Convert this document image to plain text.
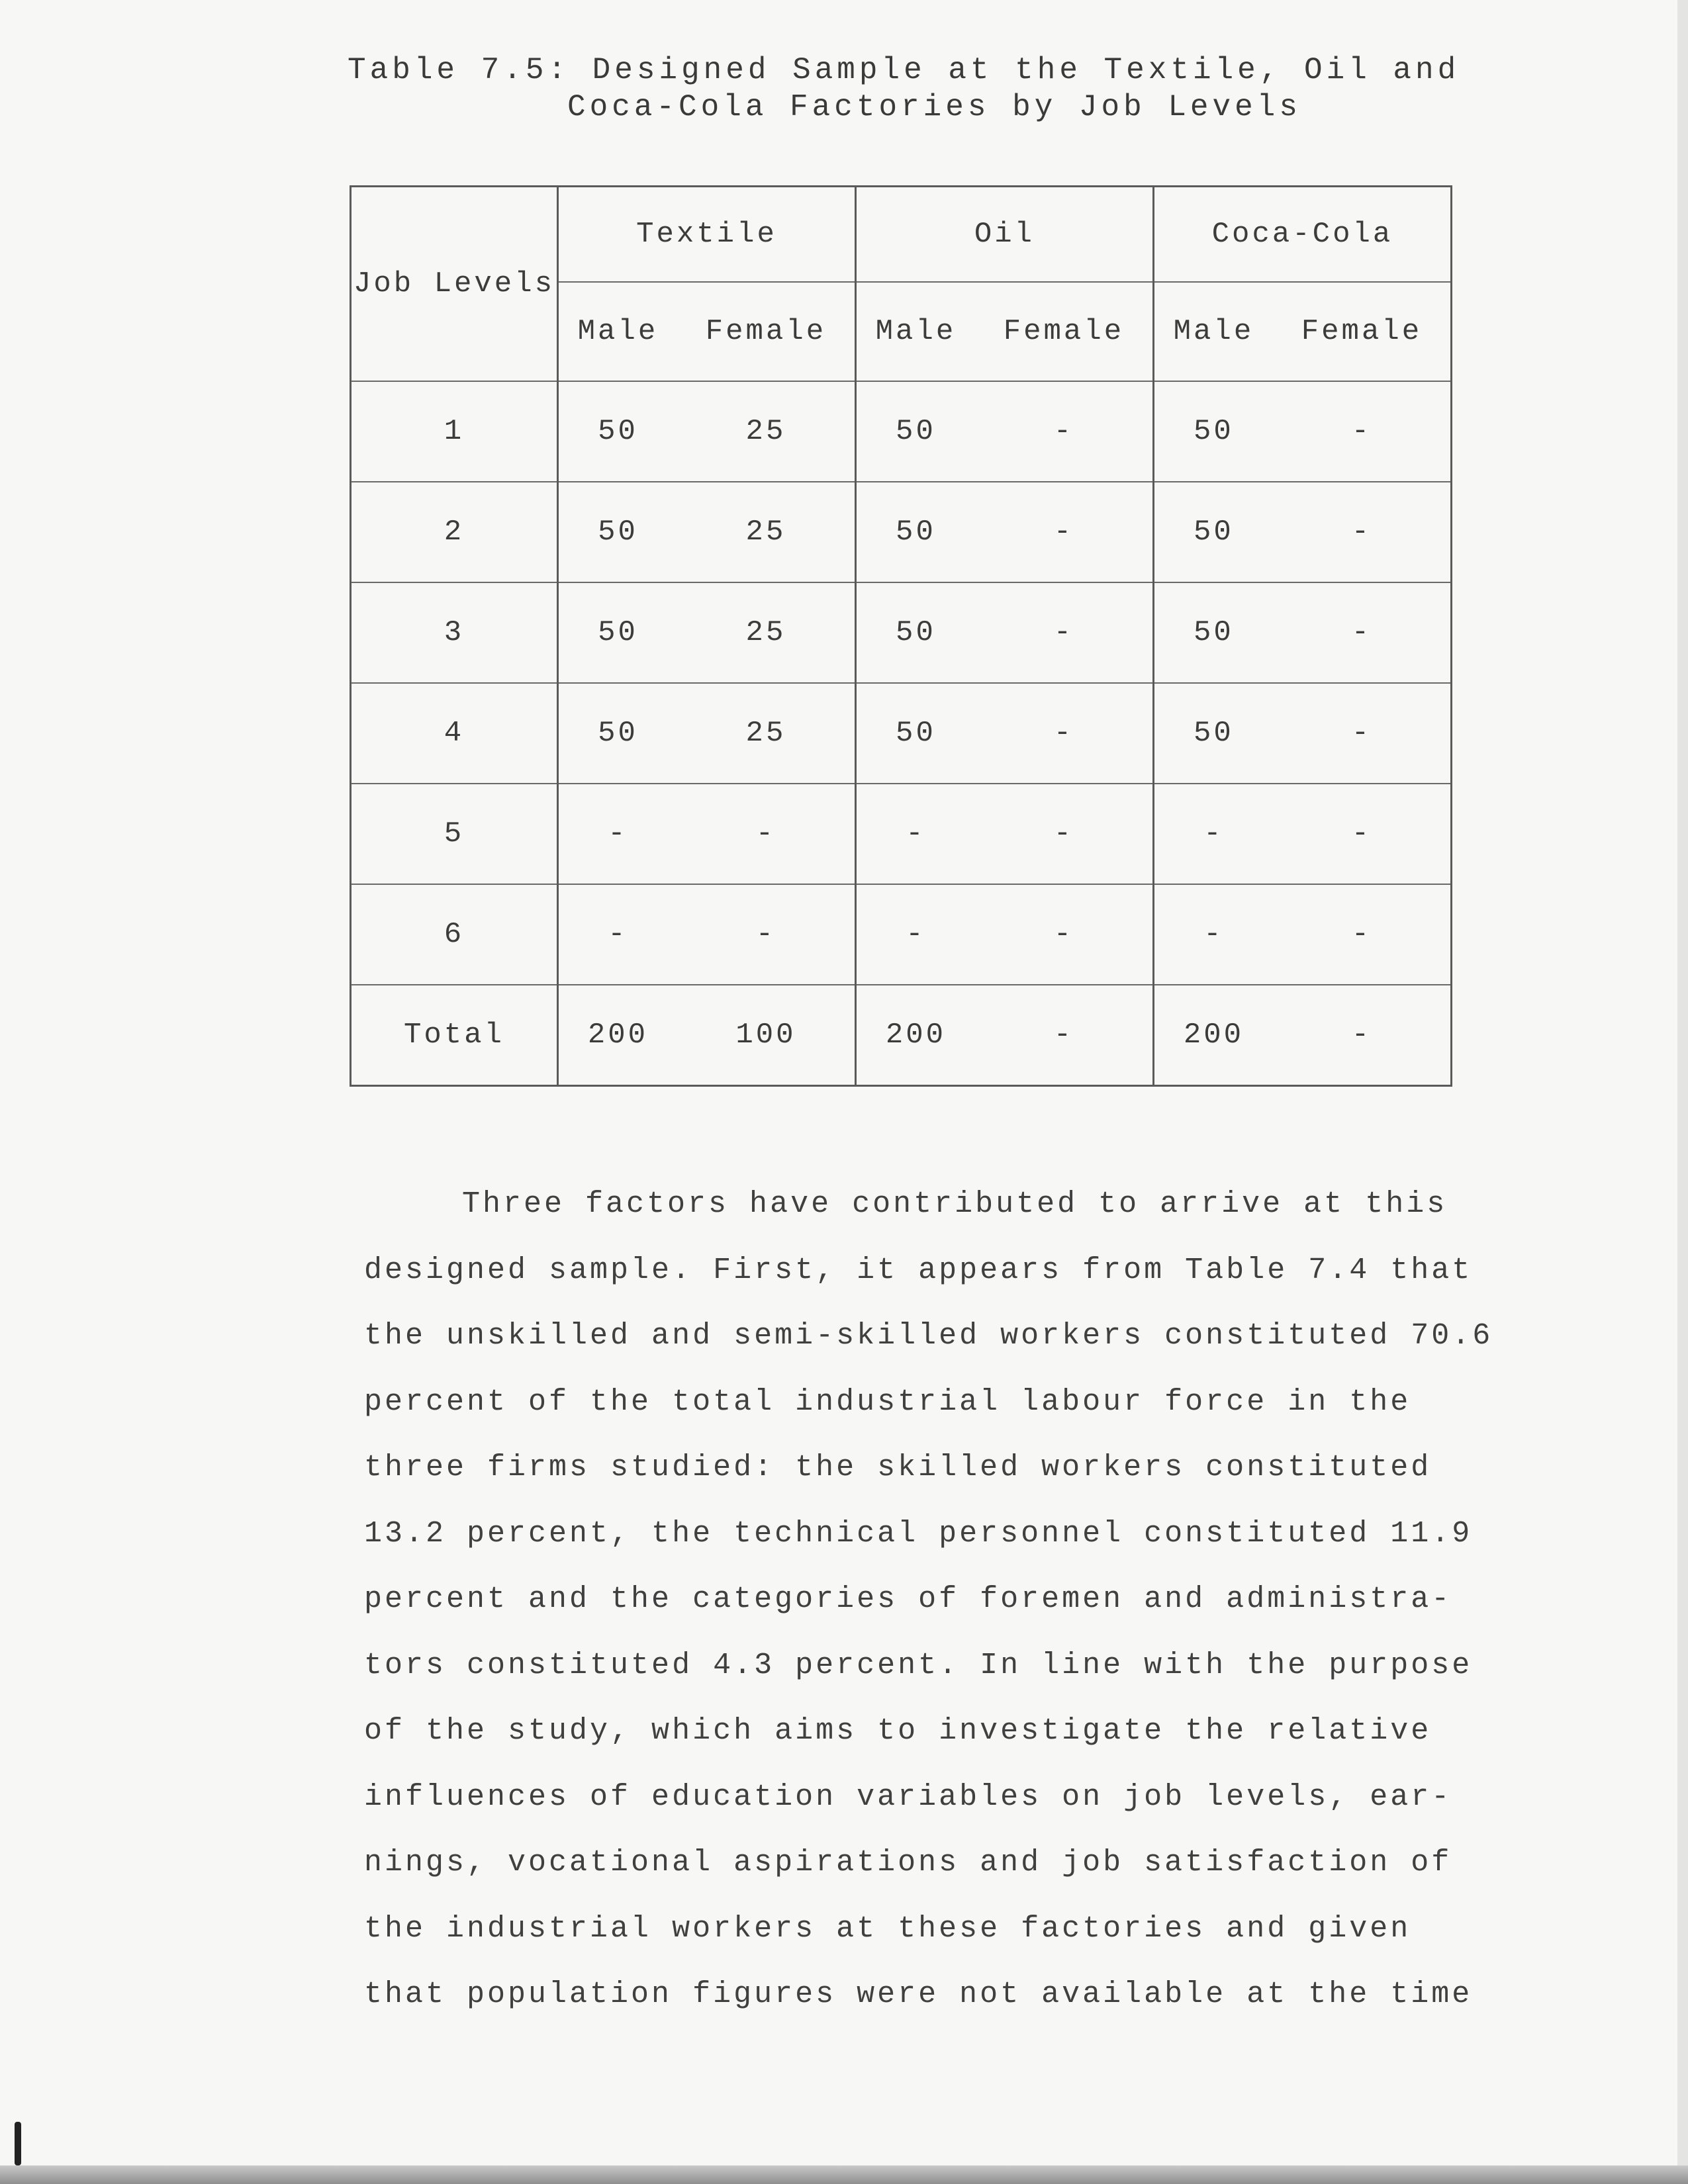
Table 7.5: Designed Sample at the Textile, Oil and
Coca-Cola Factories by Job Levels
Job Levels	Textile		Oil		Coca-Cola	
	Male	Female	Male	Female	Male	Female
1	50	25	50	-	50	-
2	50	25	50	-	50	-
3	50	25	50	-	50	-
4	50	25	50	-	50	-
5	-	-	-	-	-	-
6	-	-	-	-	-	-
Total	200	100	200	-	200	-

Three factors have contributed to arrive at this
designed sample. First, it appears from Table 7.4 that
the unskilled and semi-skilled workers constituted 70.6
percent of the total industrial labour force in the
three firms studied: the skilled workers constituted
13.2 percent, the technical personnel constituted 11.9
percent and the categories of foremen and administra-
tors constituted 4.3 percent. In line with the purpose
of the study, which aims to investigate the relative
influences of education variables on job levels, ear-
nings, vocational aspirations and job satisfaction of
the industrial workers at these factories and given
that population figures were not available at the time
